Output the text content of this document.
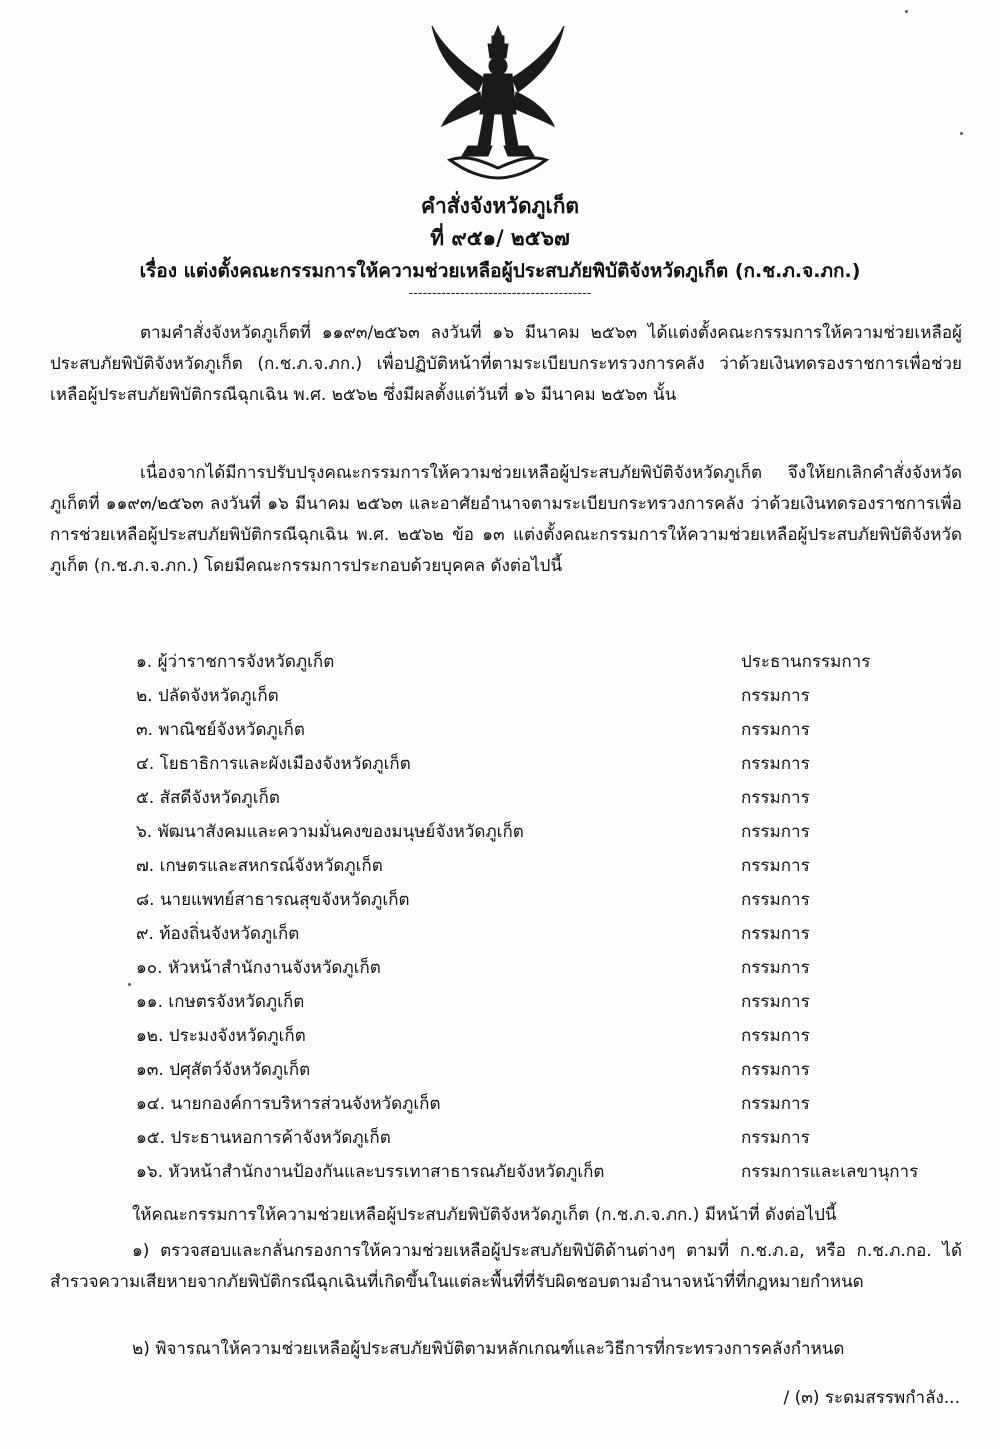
คำสั่งจังหวัดภูเก็ต
ที่ ๙๕๑/ ๒๕๖๗
เรื่อง แต่งตั้งคณะกรรมการให้ความช่วยเหลือผู้ประสบภัยพิบัติจังหวัดภูเก็ต (ก.ช.ภ.จ.ภก.)
---------------------------------------
ตามคำสั่งจังหวัดภูเก็ตที่ ๑๑๙๓/๒๕๖๓ ลงวันที่ ๑๖ มีนาคม ๒๕๖๓ ได้แต่งตั้งคณะกรรมการให้ความช่วยเหลือผู้ประสบภัยพิบัติจังหวัดภูเก็ต (ก.ช.ภ.จ.ภก.) เพื่อปฏิบัติหน้าที่ตามระเบียบกระทรวงการคลัง ว่าด้วยเงินทดรองราชการเพื่อช่วยเหลือผู้ประสบภัยพิบัติกรณีฉุกเฉิน พ.ศ. ๒๕๖๒ ซึ่งมีผลตั้งแต่วันที่ ๑๖ มีนาคม ๒๕๖๓ นั้น
เนื่องจากได้มีการปรับปรุงคณะกรรมการให้ความช่วยเหลือผู้ประสบภัยพิบัติจังหวัดภูเก็ต จึงให้ยกเลิกคำสั่งจังหวัดภูเก็ตที่ ๑๑๙๓/๒๕๖๓ ลงวันที่ ๑๖ มีนาคม ๒๕๖๓ และอาศัยอำนาจตามระเบียบกระทรวงการคลัง ว่าด้วยเงินทดรองราชการเพื่อการช่วยเหลือผู้ประสบภัยพิบัติกรณีฉุกเฉิน พ.ศ. ๒๕๖๒ ข้อ ๑๓ แต่งตั้งคณะกรรมการให้ความช่วยเหลือผู้ประสบภัยพิบัติจังหวัดภูเก็ต (ก.ช.ภ.จ.ภก.) โดยมีคณะกรรมการประกอบด้วยบุคคล ดังต่อไปนี้
๑. ผู้ว่าราชการจังหวัดภูเก็ต	ประธานกรรมการ
๒. ปลัดจังหวัดภูเก็ต	กรรมการ
๓. พาณิชย์จังหวัดภูเก็ต	กรรมการ
๔. โยธาธิการและผังเมืองจังหวัดภูเก็ต	กรรมการ
๕. สัสดีจังหวัดภูเก็ต	กรรมการ
๖. พัฒนาสังคมและความมั่นคงของมนุษย์จังหวัดภูเก็ต	กรรมการ
๗. เกษตรและสหกรณ์จังหวัดภูเก็ต	กรรมการ
๘. นายแพทย์สาธารณสุขจังหวัดภูเก็ต	กรรมการ
๙. ท้องถิ่นจังหวัดภูเก็ต	กรรมการ
๑๐. หัวหน้าสำนักงานจังหวัดภูเก็ต	กรรมการ
๑๑. เกษตรจังหวัดภูเก็ต	กรรมการ
๑๒. ประมงจังหวัดภูเก็ต	กรรมการ
๑๓. ปศุสัตว์จังหวัดภูเก็ต	กรรมการ
๑๔. นายกองค์การบริหารส่วนจังหวัดภูเก็ต	กรรมการ
๑๕. ประธานหอการค้าจังหวัดภูเก็ต	กรรมการ
๑๖. หัวหน้าสำนักงานป้องกันและบรรเทาสาธารณภัยจังหวัดภูเก็ต	กรรมการและเลขานุการ
ให้คณะกรรมการให้ความช่วยเหลือผู้ประสบภัยพิบัติจังหวัดภูเก็ต (ก.ช.ภ.จ.ภก.) มีหน้าที่ ดังต่อไปนี้
๑) ตรวจสอบและกลั่นกรองการให้ความช่วยเหลือผู้ประสบภัยพิบัติด้านต่างๆ ตามที่ ก.ช.ภ.อ, หรือ ก.ช.ภ.กอ. ได้สำรวจความเสียหายจากภัยพิบัติกรณีฉุกเฉินที่เกิดขึ้นในแต่ละพื้นที่ที่รับผิดชอบตามอำนาจหน้าที่ที่กฎหมายกำหนด
๒) พิจารณาให้ความช่วยเหลือผู้ประสบภัยพิบัติตามหลักเกณฑ์และวิธีการที่กระทรวงการคลังกำหนด
/ (๓) ระดมสรรพกำลัง...
